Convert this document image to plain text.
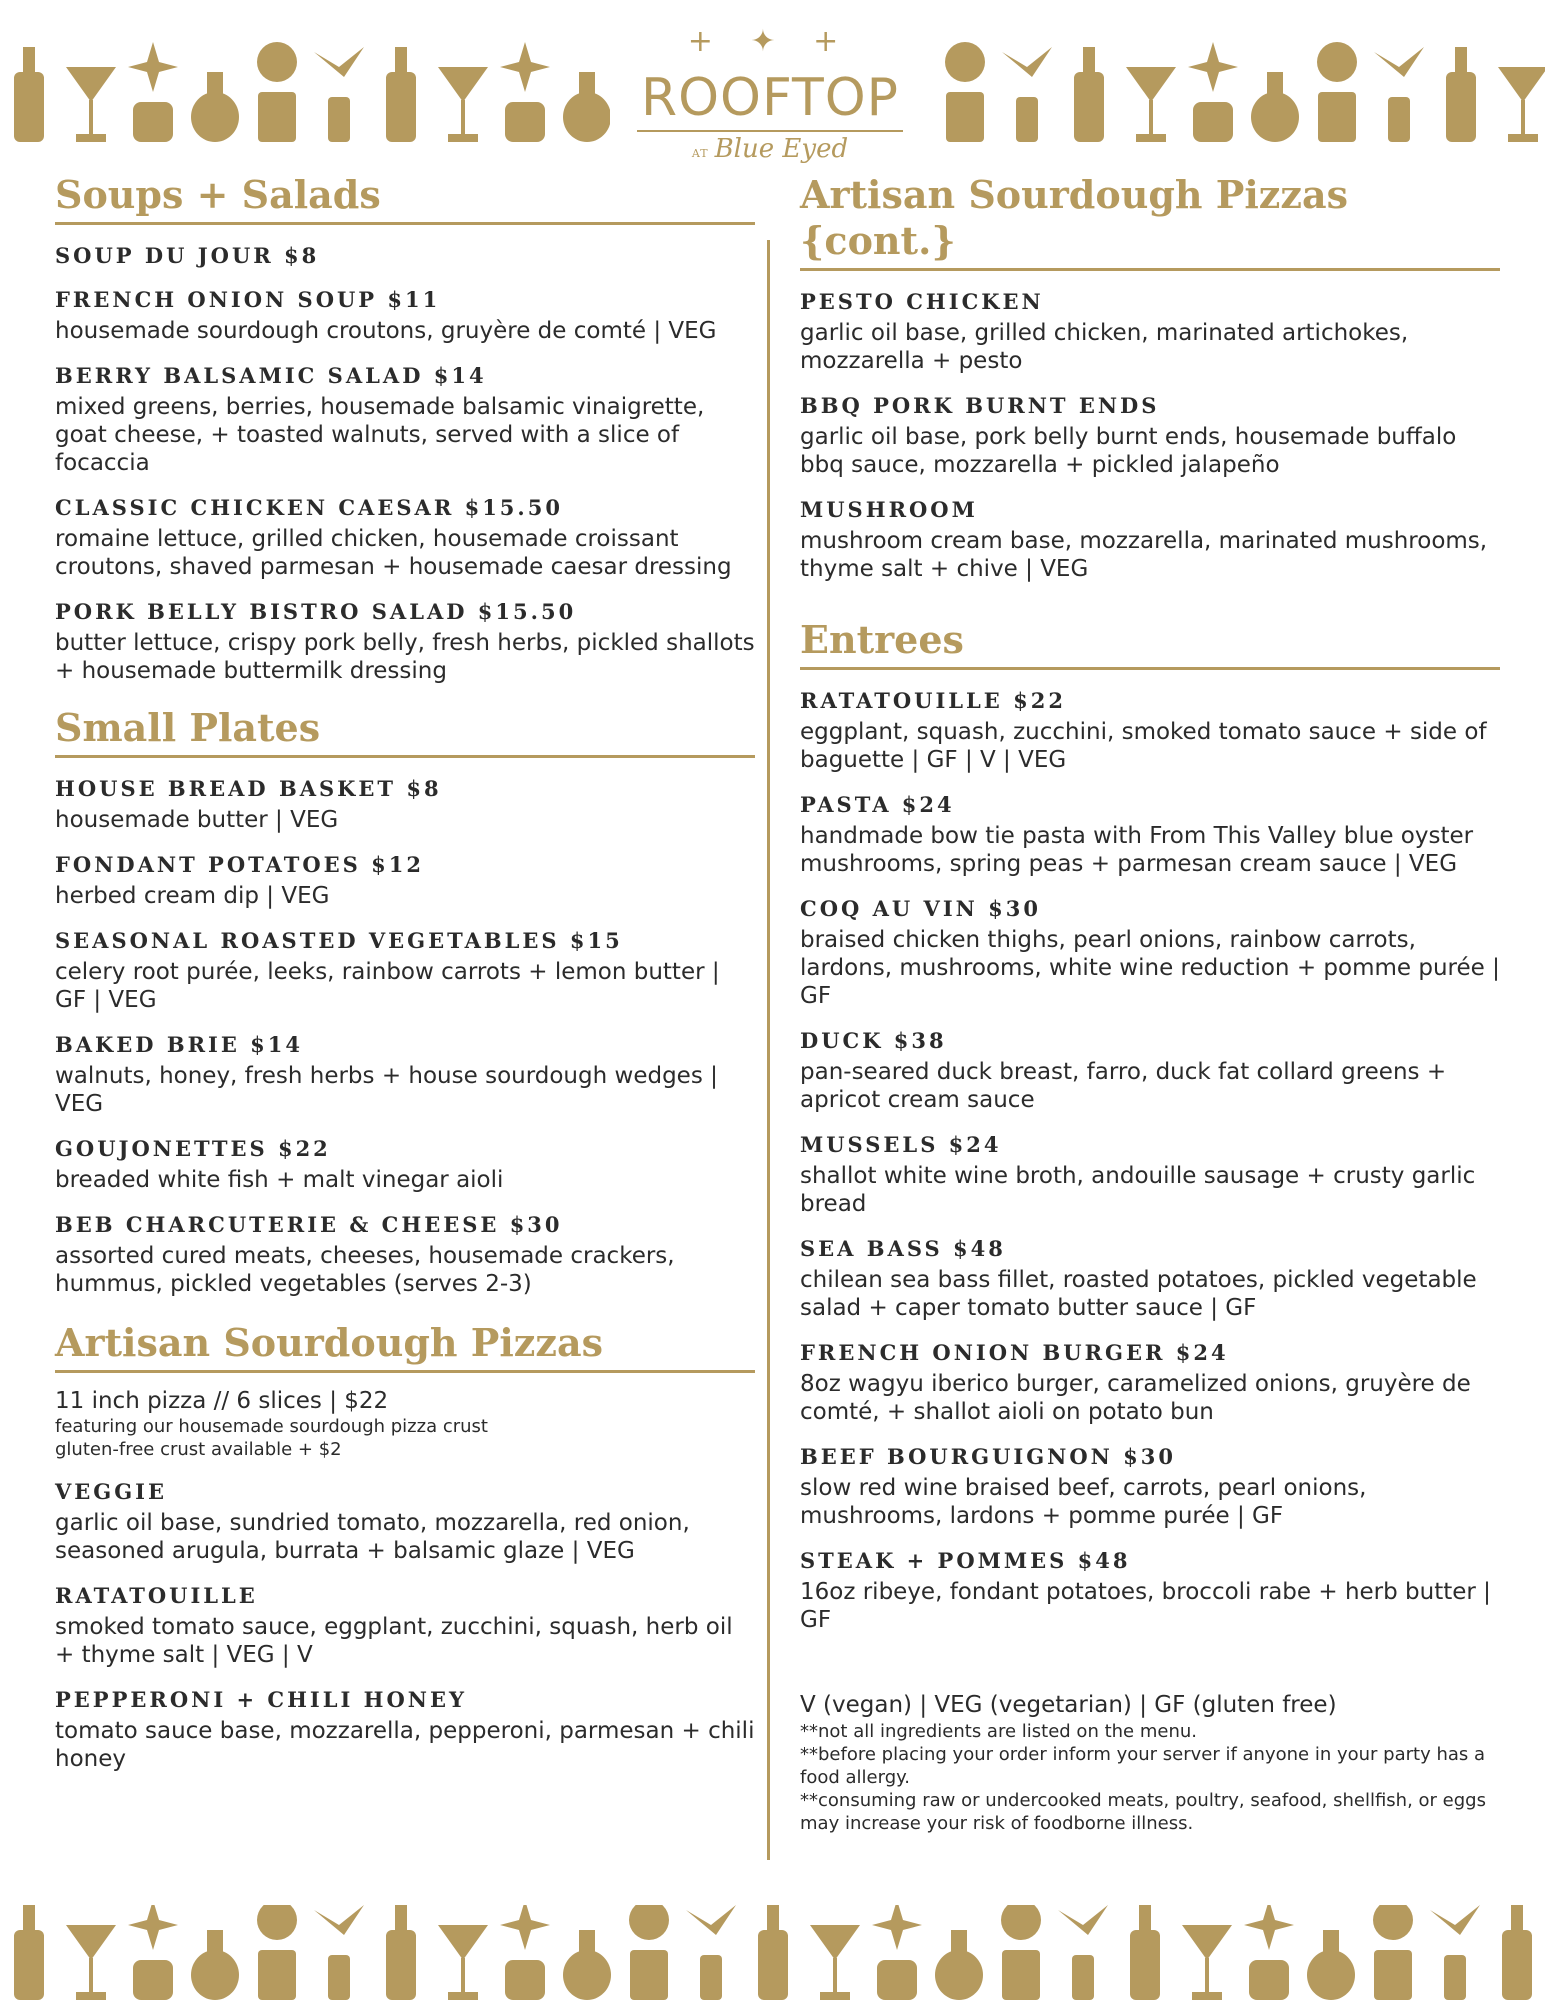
+ ✦ +
ROOFTOP
AT Blue Eyed
Soups + Salads
SOUP DU JOUR $8
FRENCH ONION SOUP $11
housemade sourdough croutons, gruyère de comté | VEG
BERRY BALSAMIC SALAD $14
mixed greens, berries, housemade balsamic vinaigrette, goat cheese, + toasted walnuts, served with a slice of focaccia
CLASSIC CHICKEN CAESAR $15.50
romaine lettuce, grilled chicken, housemade croissant croutons, shaved parmesan + housemade caesar dressing
PORK BELLY BISTRO SALAD $15.50
butter lettuce, crispy pork belly, fresh herbs, pickled shallots + housemade buttermilk dressing
Small Plates
HOUSE BREAD BASKET $8
housemade butter | VEG
FONDANT POTATOES $12
herbed cream dip | VEG
SEASONAL ROASTED VEGETABLES $15
celery root purée, leeks, rainbow carrots + lemon butter | GF | VEG
BAKED BRIE $14
walnuts, honey, fresh herbs + house sourdough wedges | VEG
GOUJONETTES $22
breaded white fish + malt vinegar aioli
BEB CHARCUTERIE & CHEESE $30
assorted cured meats, cheeses, housemade crackers, hummus, pickled vegetables (serves 2-3)
Artisan Sourdough Pizzas
11 inch pizza // 6 slices | $22
featuring our housemade sourdough pizza crust
gluten-free crust available + $2
VEGGIE
garlic oil base, sundried tomato, mozzarella, red onion, seasoned arugula, burrata + balsamic glaze | VEG
RATATOUILLE
smoked tomato sauce, eggplant, zucchini, squash, herb oil + thyme salt | VEG | V
PEPPERONI + CHILI HONEY
tomato sauce base, mozzarella, pepperoni, parmesan + chili honey
Artisan Sourdough Pizzas {cont.}
PESTO CHICKEN
garlic oil base, grilled chicken, marinated artichokes, mozzarella + pesto
BBQ PORK BURNT ENDS
garlic oil base, pork belly burnt ends, housemade buffalo bbq sauce, mozzarella + pickled jalapeño
MUSHROOM
mushroom cream base, mozzarella, marinated mushrooms, thyme salt + chive | VEG
Entrees
RATATOUILLE $22
eggplant, squash, zucchini, smoked tomato sauce + side of baguette | GF | V | VEG
PASTA $24
handmade bow tie pasta with From This Valley blue oyster mushrooms, spring peas + parmesan cream sauce | VEG
COQ AU VIN $30
braised chicken thighs, pearl onions, rainbow carrots, lardons, mushrooms, white wine reduction + pomme purée | GF
DUCK $38
pan-seared duck breast, farro, duck fat collard greens + apricot cream sauce
MUSSELS $24
shallot white wine broth, andouille sausage + crusty garlic bread
SEA BASS $48
chilean sea bass fillet, roasted potatoes, pickled vegetable salad + caper tomato butter sauce | GF
FRENCH ONION BURGER $24
8oz wagyu iberico burger, caramelized onions, gruyère de comté, + shallot aioli on potato bun
BEEF BOURGUIGNON $30
slow red wine braised beef, carrots, pearl onions, mushrooms, lardons + pomme purée | GF
STEAK + POMMES $48
16oz ribeye, fondant potatoes, broccoli rabe + herb butter | GF
V (vegan) | VEG (vegetarian) | GF (gluten free)
**not all ingredients are listed on the menu.
**before placing your order inform your server if anyone in your party has a food allergy.
**consuming raw or undercooked meats, poultry, seafood, shellfish, or eggs may increase your risk of foodborne illness.
